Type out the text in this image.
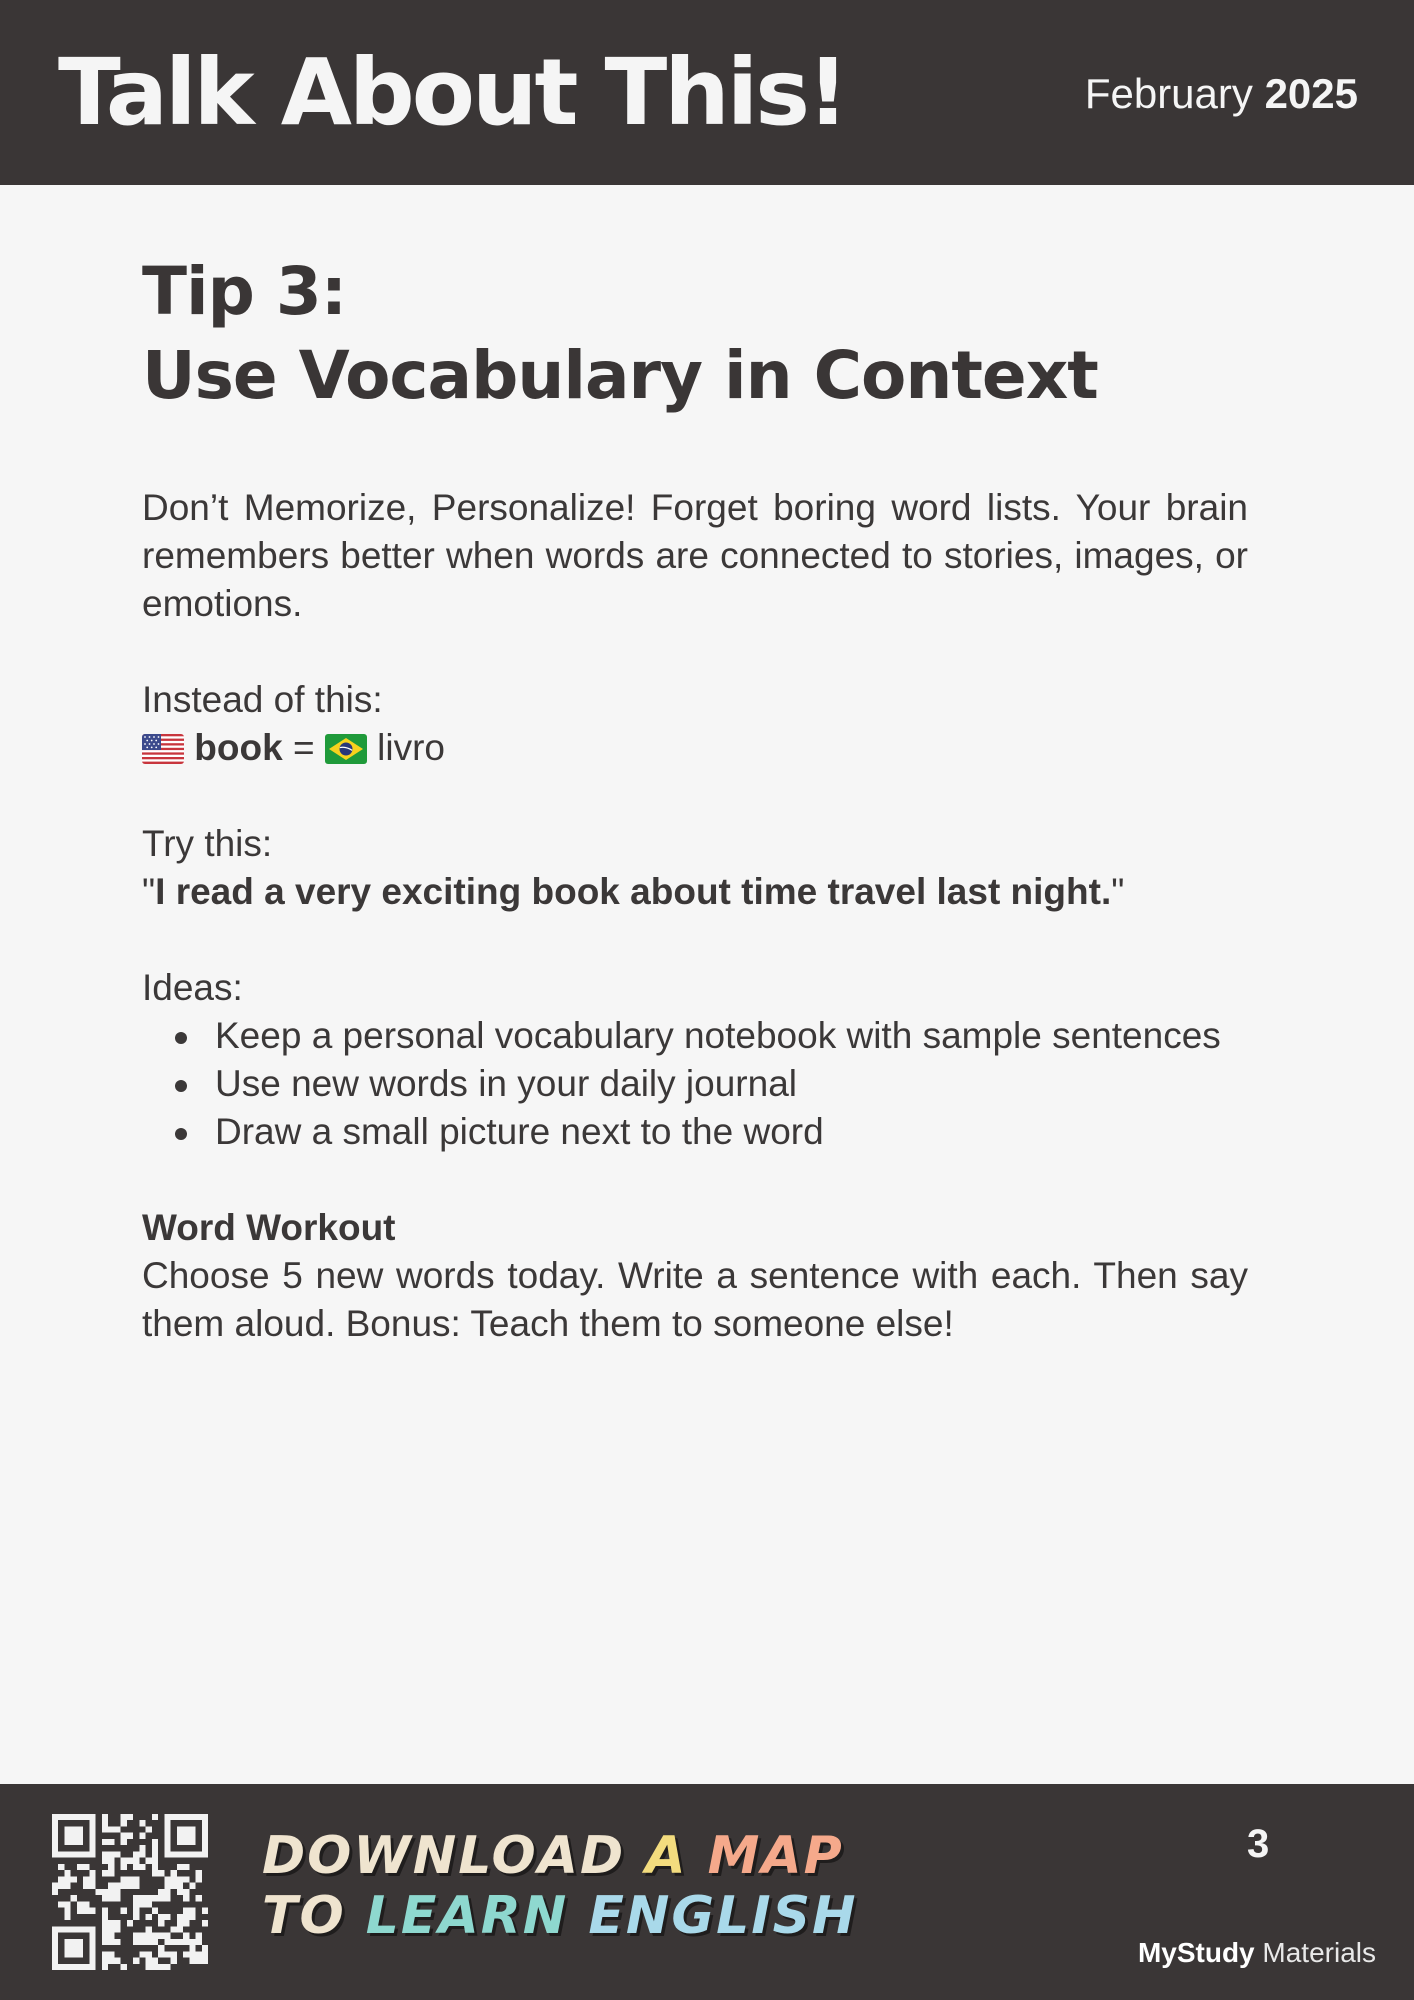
Talk About This!	February 2025
Tip 3:
Use Vocabulary in Context

Don’t Memorize, Personalize! Forget boring word lists. Your brain remembers better when words are connected to stories, images, or emotions.

Instead of this:
book = livro
Try this:
"I read a very exciting book about time travel last night."
Ideas:
Keep a personal vocabulary notebook with sample sentences
Use new words in your daily journal
Draw a small picture next to the word
Word Workout

Choose 5 new words today. Write a sentence with each. Then say them aloud. Bonus: Teach them to someone else!

DOWNLOAD A MAP
TO LEARN ENGLISH
3
MyStudy Materials
